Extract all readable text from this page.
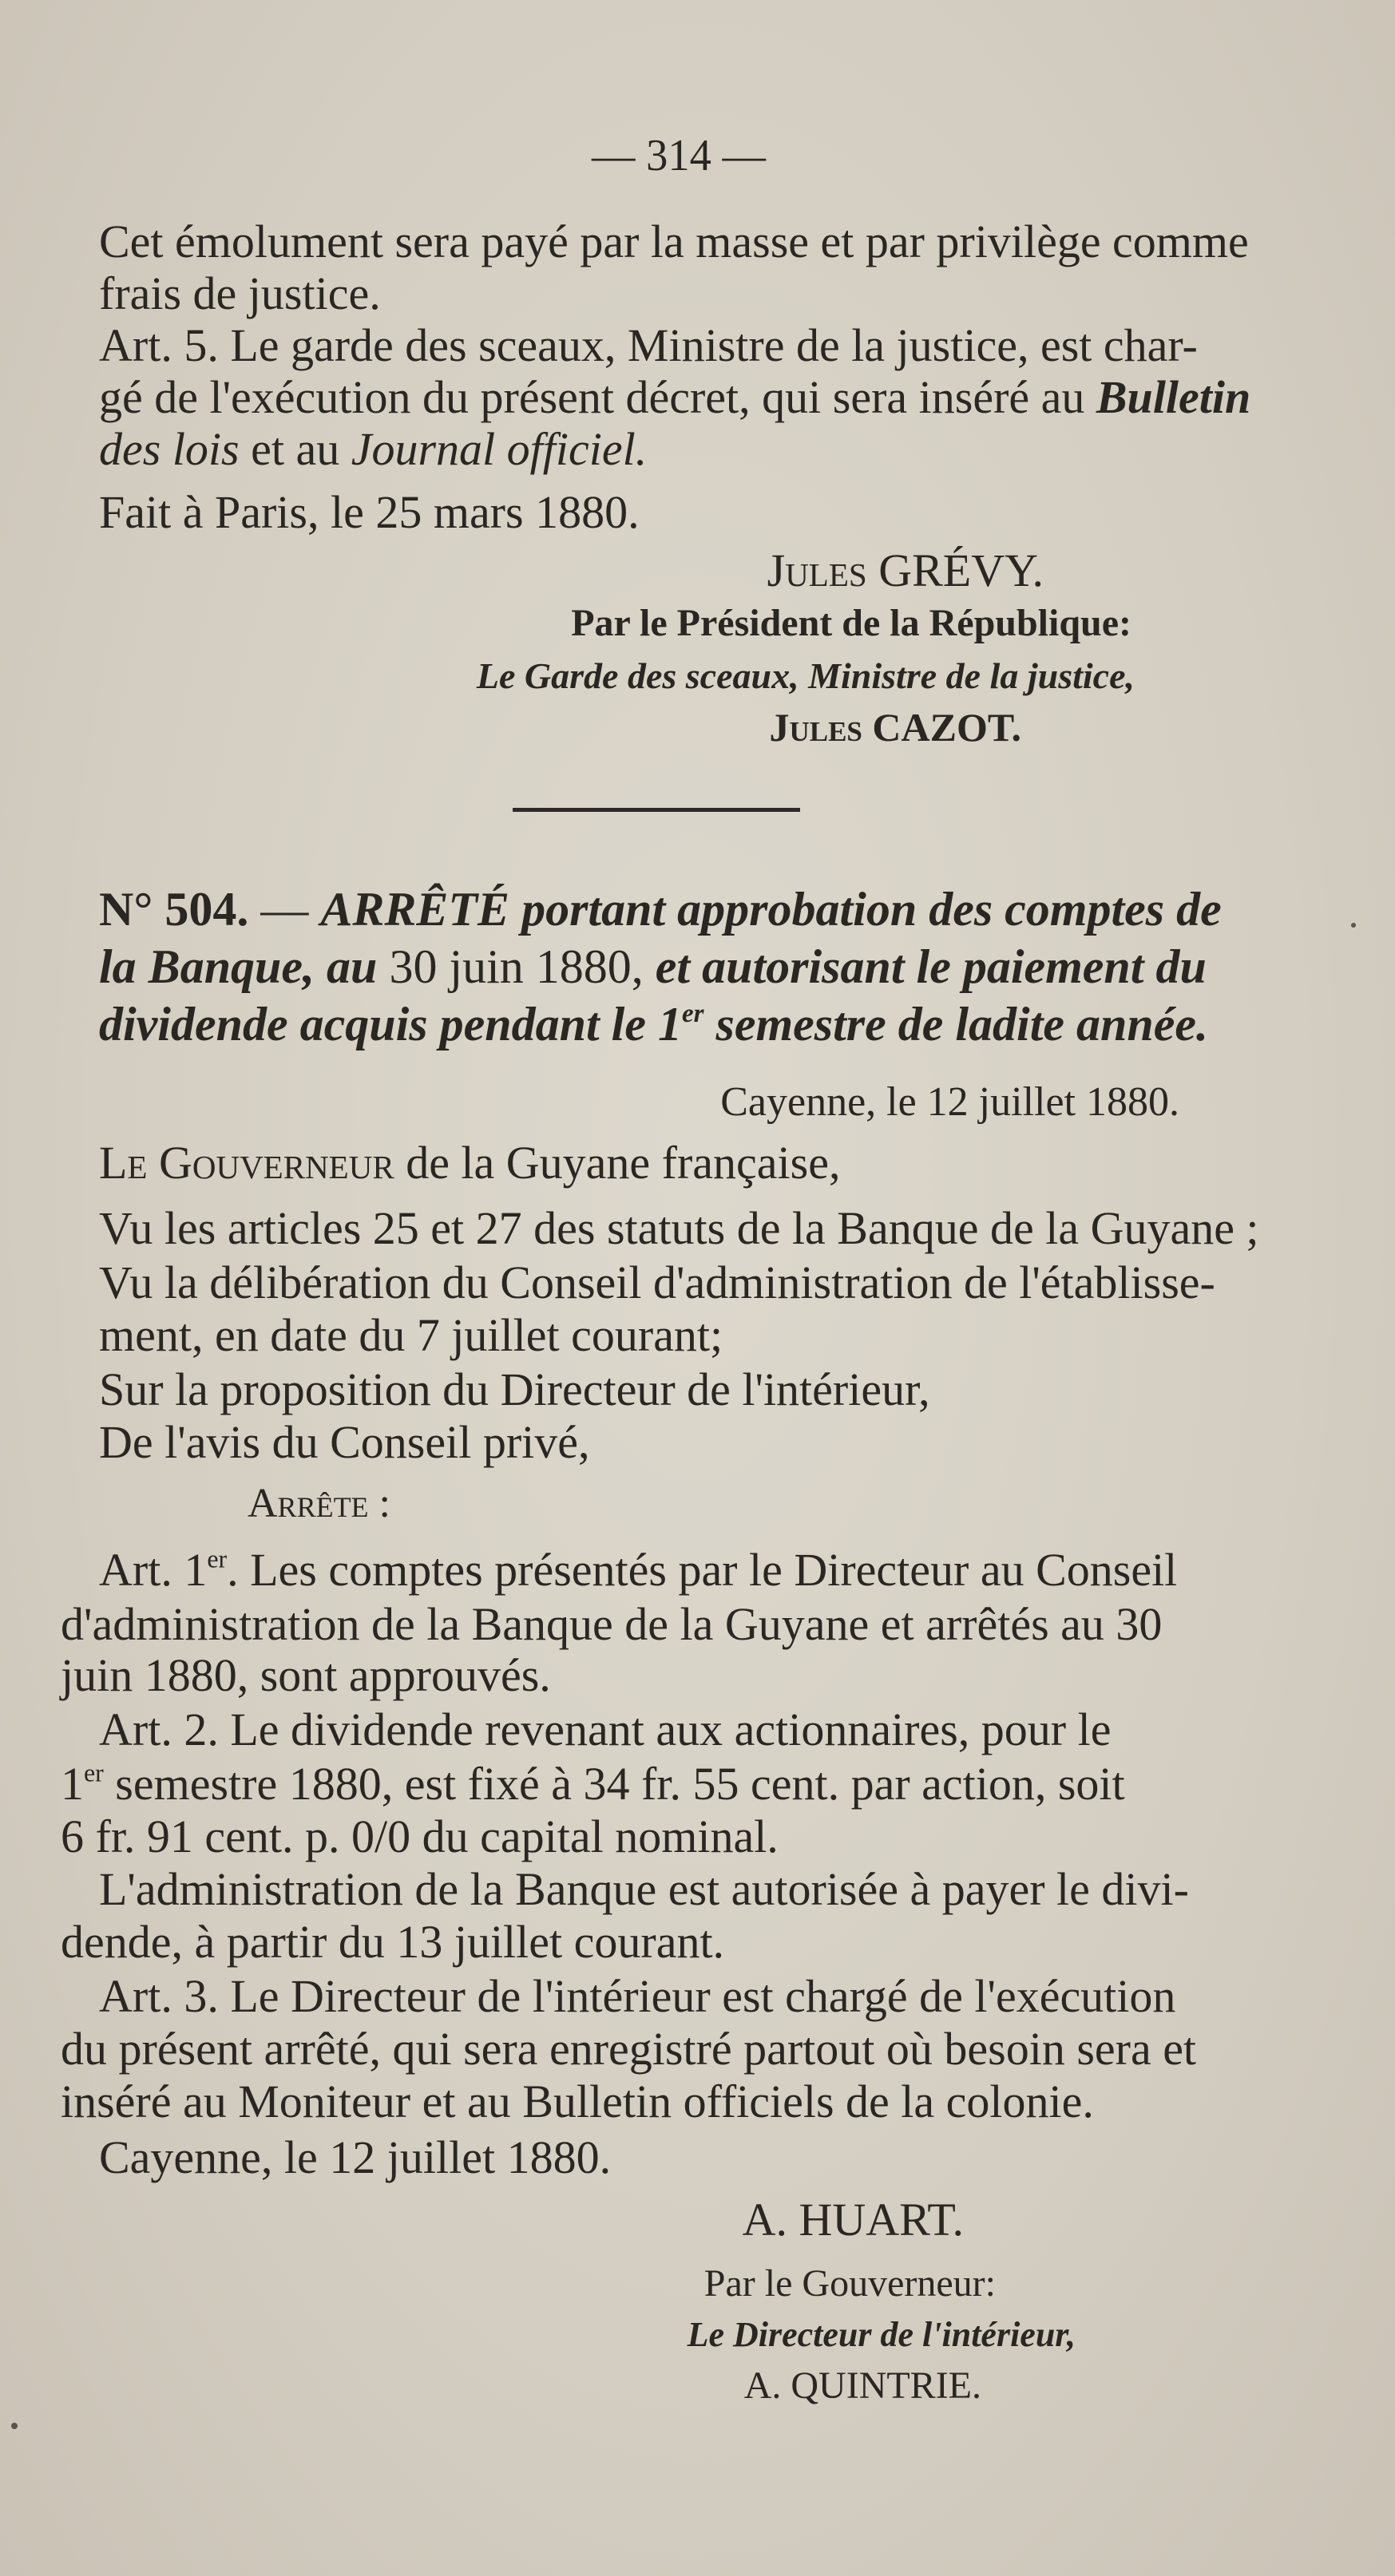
— 314 —
Cet émolument sera payé par la masse et par privilège comme
frais de justice.
Art. 5. Le garde des sceaux, Ministre de la justice, est char-
gé de l'exécution du présent décret, qui sera inséré au Bulletin
des lois et au Journal officiel.
Fait à Paris, le 25 mars 1880.
Jules GRÉVY.
Par le Président de la République:
Le Garde des sceaux, Ministre de la justice,
Jules CAZOT.
N° 504. — ARRÊTÉ portant approbation des comptes de
la Banque, au 30 juin 1880, et autorisant le paiement du
dividende acquis pendant le 1er semestre de ladite année.
Cayenne, le 12 juillet 1880.
Le Gouverneur de la Guyane française,
Vu les articles 25 et 27 des statuts de la Banque de la Guyane ;
Vu la délibération du Conseil d'administration de l'établisse-
ment, en date du 7 juillet courant;
Sur la proposition du Directeur de l'intérieur,
De l'avis du Conseil privé,
Arrête :
Art. 1er. Les comptes présentés par le Directeur au Conseil
d'administration de la Banque de la Guyane et arrêtés au 30
juin 1880, sont approuvés.
Art. 2. Le dividende revenant aux actionnaires, pour le
1er semestre 1880, est fixé à 34 fr. 55 cent. par action, soit
6 fr. 91 cent. p. 0/0 du capital nominal.
L'administration de la Banque est autorisée à payer le divi-
dende, à partir du 13 juillet courant.
Art. 3. Le Directeur de l'intérieur est chargé de l'exécution
du présent arrêté, qui sera enregistré partout où besoin sera et
inséré au Moniteur et au Bulletin officiels de la colonie.
Cayenne, le 12 juillet 1880.
A. HUART.
Par le Gouverneur:
Le Directeur de l'intérieur,
A. QUINTRIE.
